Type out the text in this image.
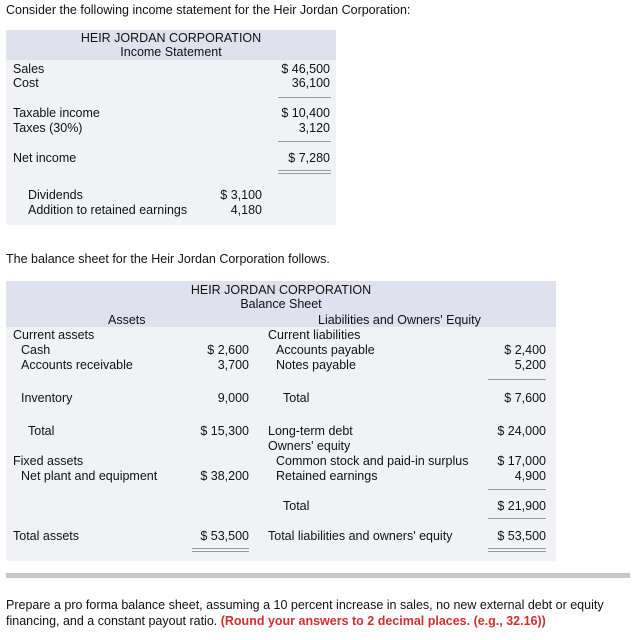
Consider the following income statement for the Heir Jordan Corporation:
HEIR JORDAN CORPORATION
Income Statement
Sales	$ 46,500
Cost	36,100
Taxable income	$ 10,400
Taxes (30%)	3,120
Net income	$ 7,280
Dividends	$ 3,100
Addition to retained earnings	4,180
The balance sheet for the Heir Jordan Corporation follows.
HEIR JORDAN CORPORATION
Balance Sheet
Assets	Liabilities and Owners' Equity
Current assets
Cash	$ 2,600
Accounts receivable	3,700
Inventory	9,000
Total	$ 15,300
Fixed assets
Net plant and equipment	$ 38,200
Total assets	$ 53,500
Current liabilities
Accounts payable	$ 2,400
Notes payable	5,200
Total	$ 7,600
Long-term debt	$ 24,000
Owners' equity
Common stock and paid-in surplus	$ 17,000
Retained earnings	4,900
Total	$ 21,900
Total liabilities and owners' equity	$ 53,500
Prepare a pro forma balance sheet, assuming a 10 percent increase in sales, no new external debt or equity financing, and a constant payout ratio. (Round your answers to 2 decimal places. (e.g., 32.16))
